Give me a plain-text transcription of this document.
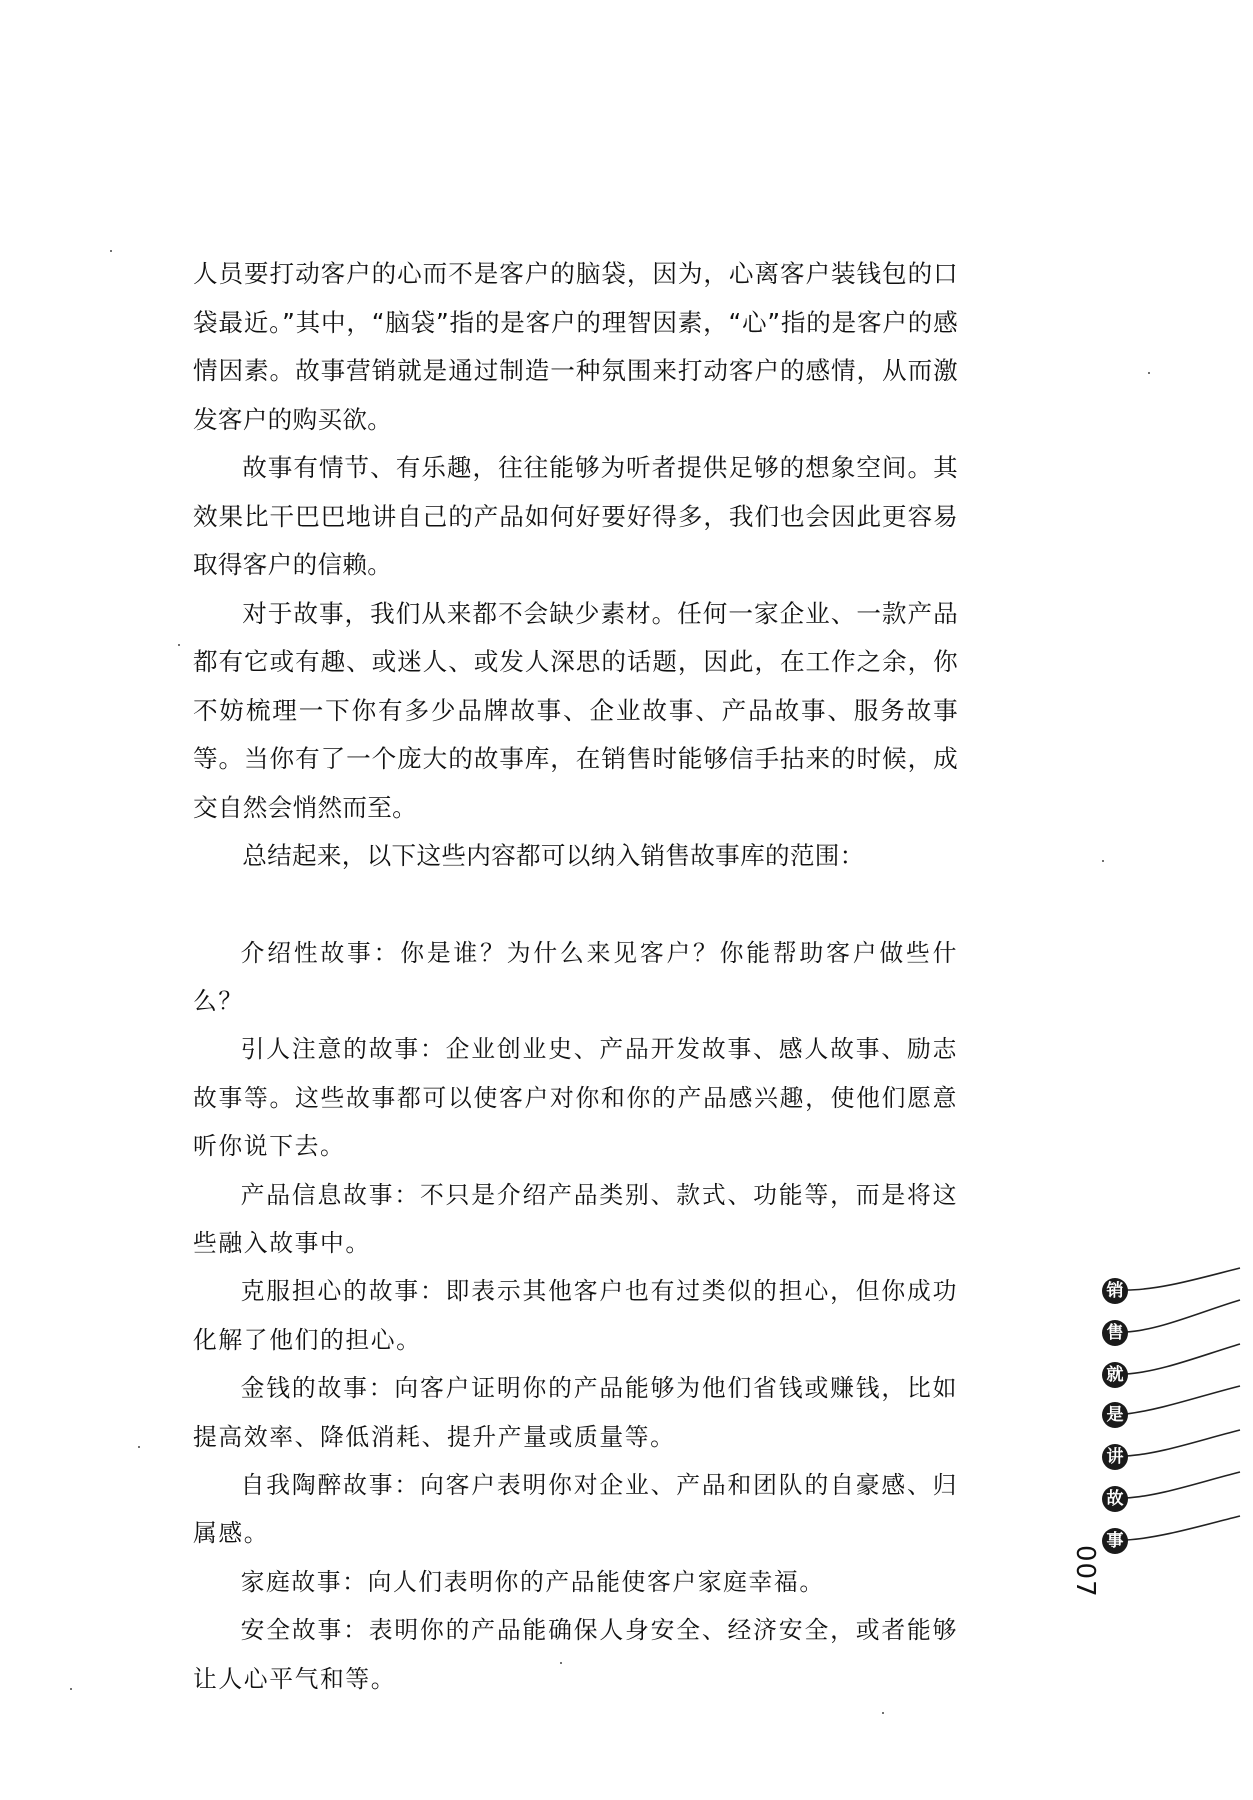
人员要打动客户的心而不是客户的脑袋，因为，心离客户装钱包的口袋最近。”其中，“脑袋”指的是客户的理智因素，“心”指的是客户的感情因素。故事营销就是通过制造一种氛围来打动客户的感情，从而激发客户的购买欲。

故事有情节、有乐趣，往往能够为听者提供足够的想象空间。其效果比干巴巴地讲自己的产品如何好要好得多，我们也会因此更容易取得客户的信赖。

对于故事，我们从来都不会缺少素材。任何一家企业、一款产品都有它或有趣、或迷人、或发人深思的话题，因此，在工作之余，你不妨梳理一下你有多少品牌故事、企业故事、产品故事、服务故事等。当你有了一个庞大的故事库，在销售时能够信手拈来的时候，成交自然会悄然而至。

总结起来，以下这些内容都可以纳入销售故事库的范围：

介绍性故事：你是谁？为什么来见客户？你能帮助客户做些什么？

引人注意的故事：企业创业史、产品开发故事、感人故事、励志故事等。这些故事都可以使客户对你和你的产品感兴趣，使他们愿意听你说下去。

产品信息故事：不只是介绍产品类别、款式、功能等，而是将这些融入故事中。

克服担心的故事：即表示其他客户也有过类似的担心，但你成功化解了他们的担心。

金钱的故事：向客户证明你的产品能够为他们省钱或赚钱，比如提高效率、降低消耗、提升产量或质量等。

自我陶醉故事：向客户表明你对企业、产品和团队的自豪感、归属感。

家庭故事：向人们表明你的产品能使客户家庭幸福。

安全故事：表明你的产品能确保人身安全、经济安全，或者能够让人心平气和等。

销
售
就
是
讲
故
事
007
